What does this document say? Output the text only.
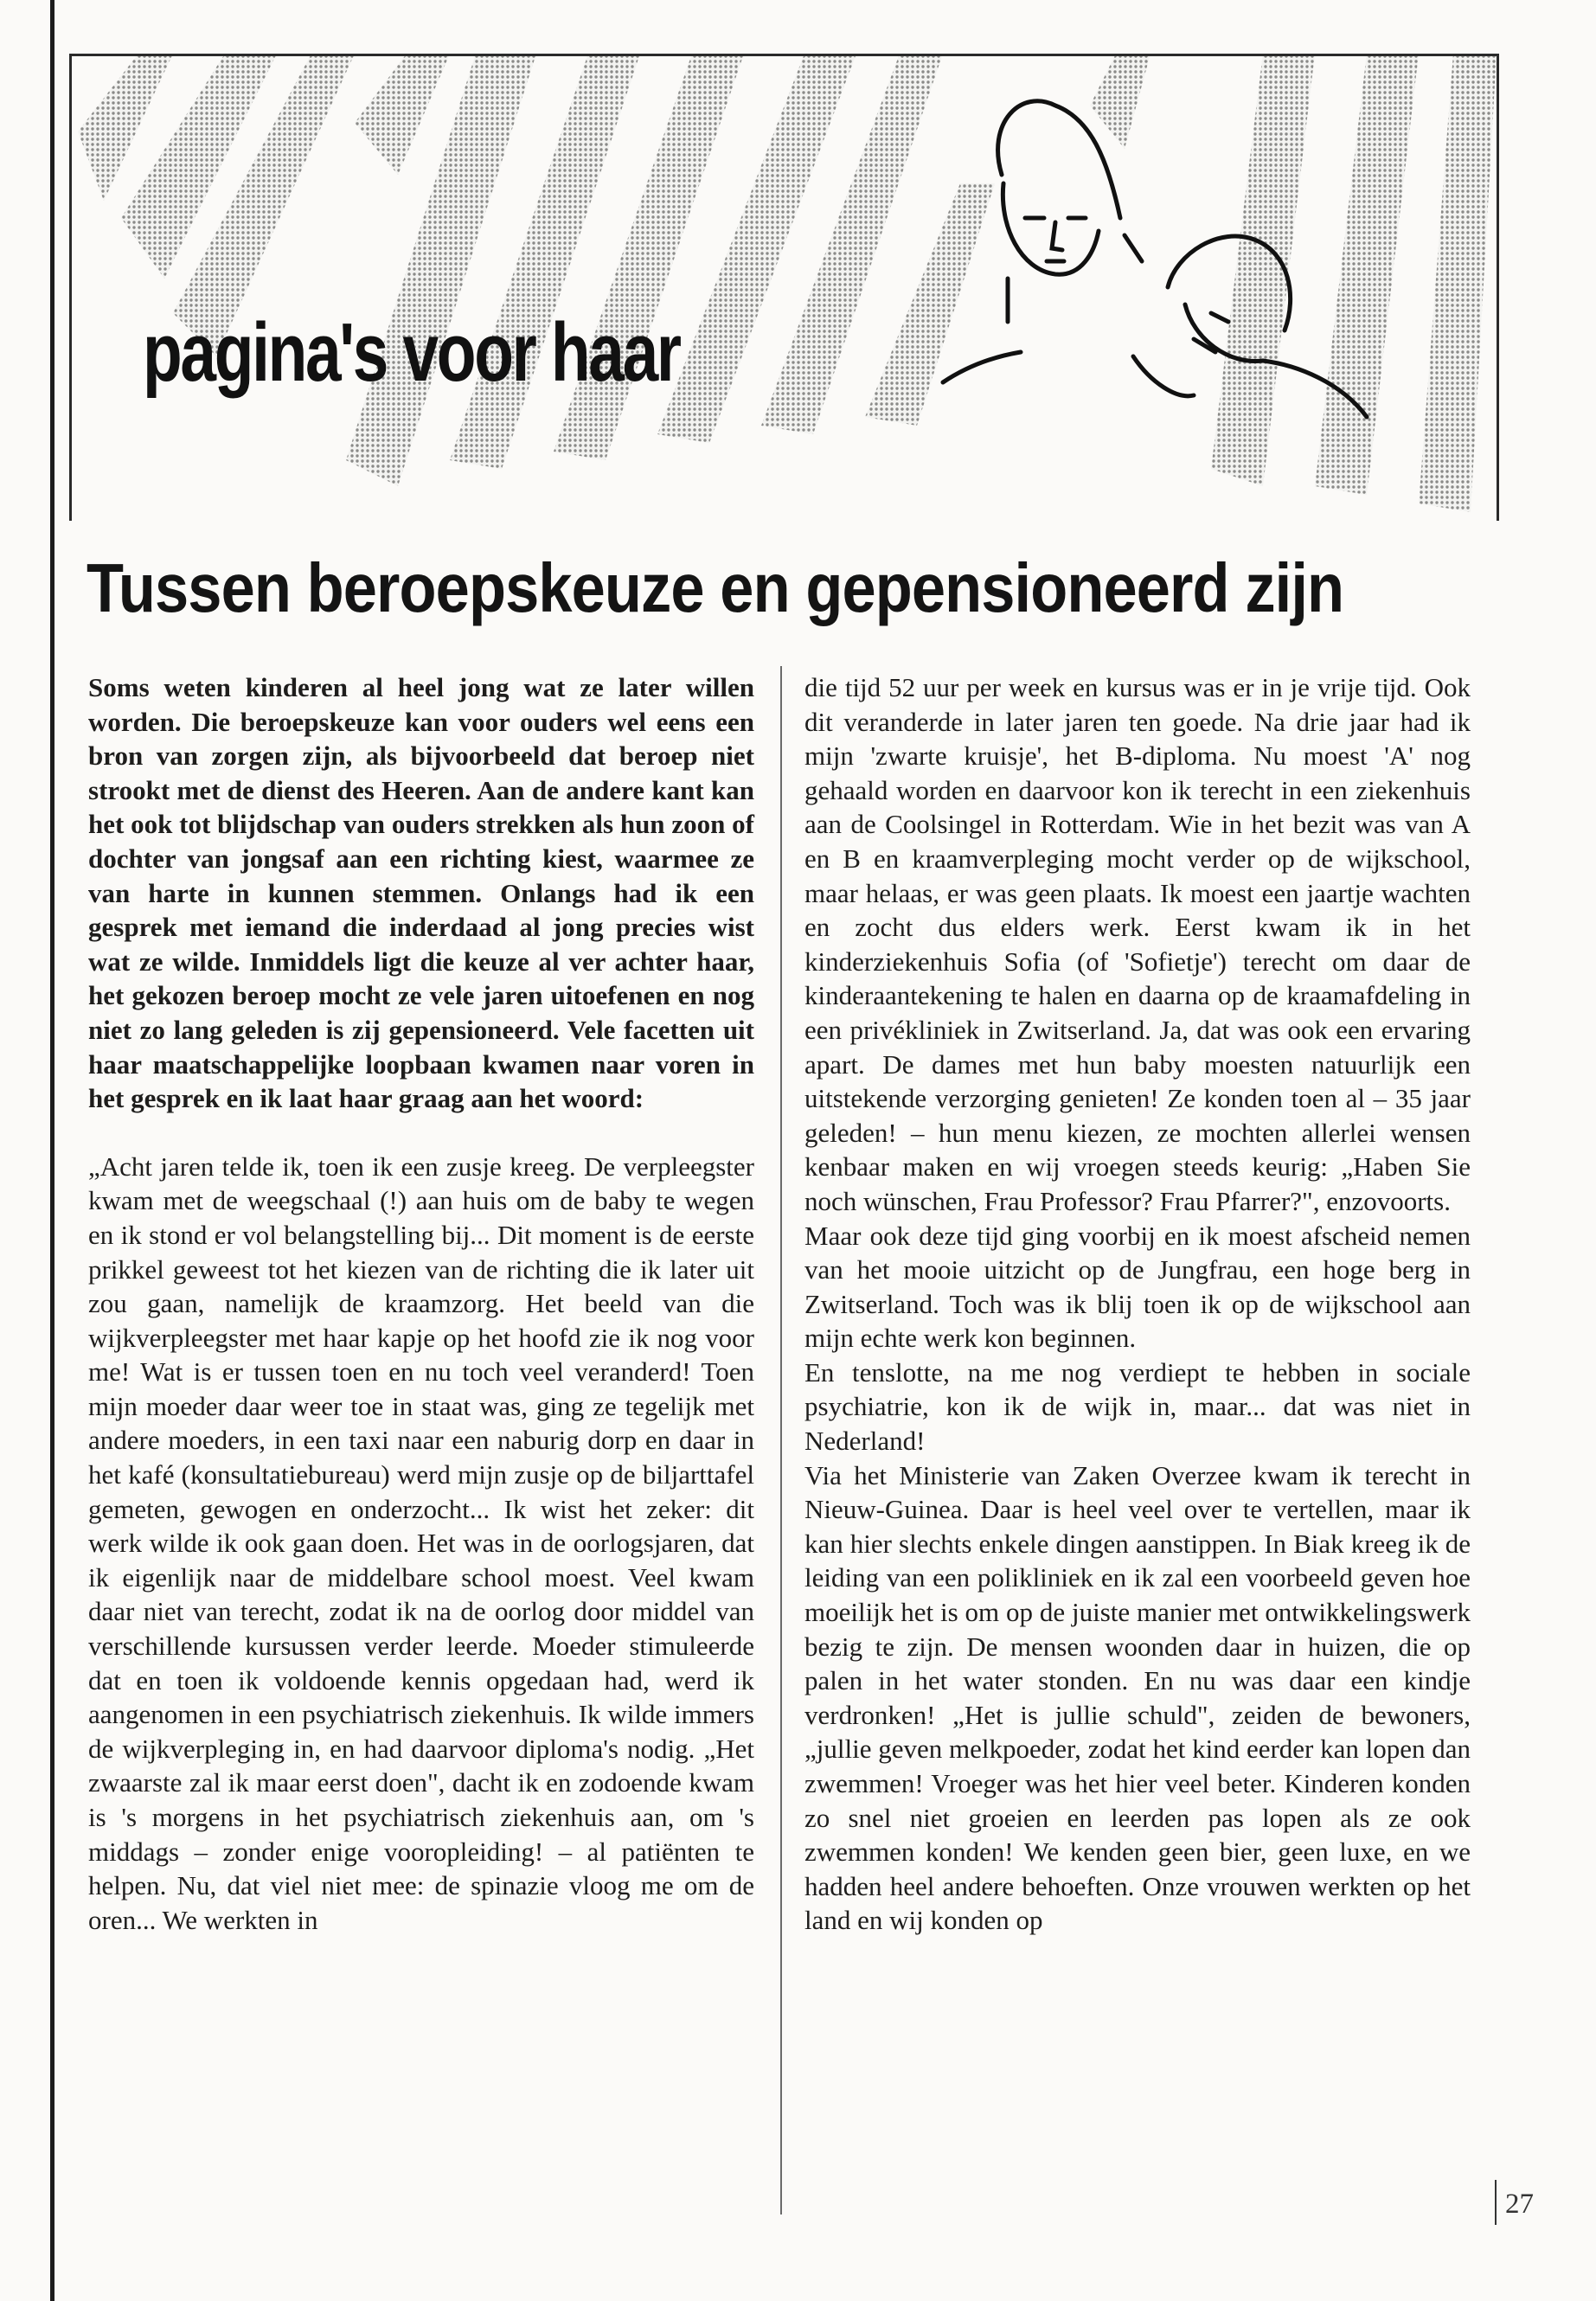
pagina's voor haar
Tussen beroepskeuze en gepensioneerd zijn

Soms weten kinderen al heel jong wat ze later willen worden. Die beroepskeuze kan voor ouders wel eens een bron van zorgen zijn, als bijvoorbeeld dat beroep niet strookt met de dienst des Heeren. Aan de andere kant kan het ook tot blijdschap van ouders strekken als hun zoon of dochter van jongsaf aan een richting kiest, waarmee ze van harte in kunnen stemmen. Onlangs had ik een gesprek met iemand die inderdaad al jong precies wist wat ze wilde. Inmiddels ligt die keuze al ver achter haar, het gekozen beroep mocht ze vele jaren uitoefenen en nog niet zo lang geleden is zij gepensioneerd. Vele facetten uit haar maatschappelijke loopbaan kwamen naar voren in het gesprek en ik laat haar graag aan het woord:

„Acht jaren telde ik, toen ik een zusje kreeg. De verpleegster kwam met de weegschaal (!) aan huis om de baby te wegen en ik stond er vol belangstelling bij... Dit moment is de eerste prikkel geweest tot het kiezen van de richting die ik later uit zou gaan, namelijk de kraamzorg. Het beeld van die wijkverpleegster met haar kapje op het hoofd zie ik nog voor me! Wat is er tussen toen en nu toch veel veranderd! Toen mijn moeder daar weer toe in staat was, ging ze tegelijk met andere moeders, in een taxi naar een naburig dorp en daar in het kafé (konsultatiebureau) werd mijn zusje op de biljarttafel gemeten, gewogen en onderzocht... Ik wist het zeker: dit werk wilde ik ook gaan doen. Het was in de oorlogsjaren, dat ik eigenlijk naar de middelbare school moest. Veel kwam daar niet van terecht, zodat ik na de oorlog door middel van verschillende kursussen verder leerde. Moeder stimuleerde dat en toen ik voldoende kennis opgedaan had, werd ik aangenomen in een psychiatrisch ziekenhuis. Ik wilde immers de wijkverpleging in, en had daarvoor diploma's nodig. „Het zwaarste zal ik maar eerst doen", dacht ik en zodoende kwam is 's morgens in het psychiatrisch ziekenhuis aan, om 's middags – zonder enige vooropleiding! – al patiënten te helpen. Nu, dat viel niet mee: de spinazie vloog me om de oren... We werkten in

die tijd 52 uur per week en kursus was er in je vrije tijd. Ook dit veranderde in later jaren ten goede. Na drie jaar had ik mijn 'zwarte kruisje', het B-diploma. Nu moest 'A' nog gehaald worden en daarvoor kon ik terecht in een ziekenhuis aan de Coolsingel in Rotterdam. Wie in het bezit was van A en B en kraamverpleging mocht verder op de wijkschool, maar helaas, er was geen plaats. Ik moest een jaartje wachten en zocht dus elders werk. Eerst kwam ik in het kinderziekenhuis Sofia (of 'Sofietje') terecht om daar de kinderaantekening te halen en daarna op de kraamafdeling in een privékliniek in Zwitserland. Ja, dat was ook een ervaring apart. De dames met hun baby moesten natuurlijk een uitstekende verzorging genieten! Ze konden toen al – 35 jaar geleden! – hun menu kiezen, ze mochten allerlei wensen kenbaar maken en wij vroegen steeds keurig: „Haben Sie noch wünschen, Frau Professor? Frau Pfarrer?", enzovoorts.

Maar ook deze tijd ging voorbij en ik moest afscheid nemen van het mooie uitzicht op de Jungfrau, een hoge berg in Zwitserland. Toch was ik blij toen ik op de wijkschool aan mijn echte werk kon beginnen.

En tenslotte, na me nog verdiept te hebben in sociale psychiatrie, kon ik de wijk in, maar... dat was niet in Nederland!

Via het Ministerie van Zaken Overzee kwam ik terecht in Nieuw-Guinea. Daar is heel veel over te vertellen, maar ik kan hier slechts enkele dingen aanstippen. In Biak kreeg ik de leiding van een polikliniek en ik zal een voorbeeld geven hoe moeilijk het is om op de juiste manier met ontwikkelingswerk bezig te zijn. De mensen woonden daar in huizen, die op palen in het water stonden. En nu was daar een kindje verdronken! „Het is jullie schuld", zeiden de bewoners, „jullie geven melkpoeder, zodat het kind eerder kan lopen dan zwemmen! Vroeger was het hier veel beter. Kinderen konden zo snel niet groeien en leerden pas lopen als ze ook zwemmen konden! We kenden geen bier, geen luxe, en we hadden heel andere behoeften. Onze vrouwen werkten op het land en wij konden op

27
